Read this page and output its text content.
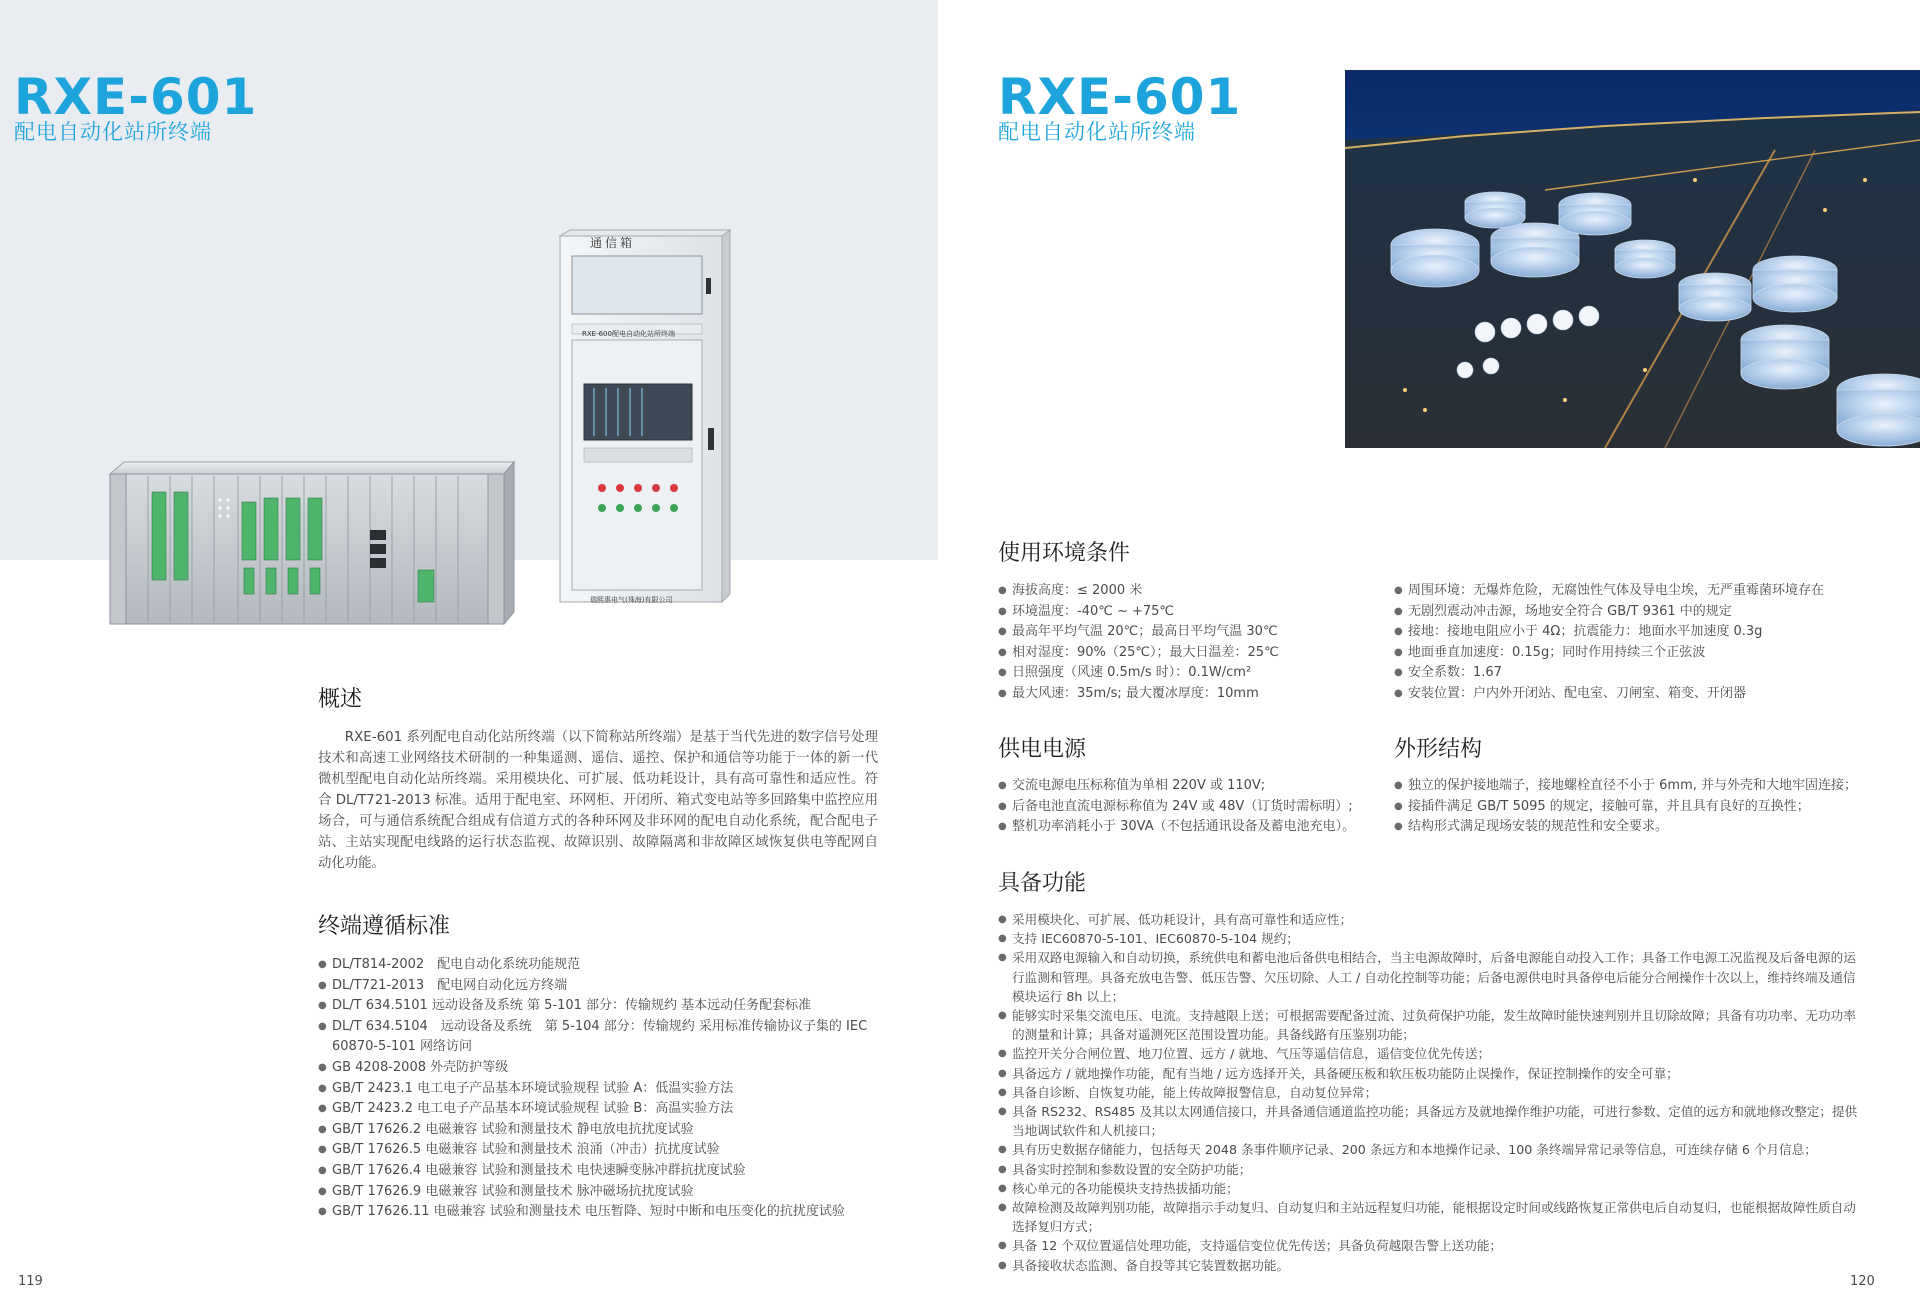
RXE-601
配电自动化站所终端
通信箱
RXE-600配电自动化站所终端
瑞熙惠电气(珠海)有限公司
概述
RXE-601 系列配电自动化站所终端（以下简称站所终端）是基于当代先进的数字信号处理技术和高速工业网络技术研制的一种集遥测、遥信、遥控、保护和通信等功能于一体的新一代微机型配电自动化站所终端。采用模块化、可扩展、低功耗设计，具有高可靠性和适应性。符合 DL/T721-2013 标准。适用于配电室、环网柜、开闭所、箱式变电站等多回路集中监控应用场合，可与通信系统配合组成有信道方式的各种环网及非环网的配电自动化系统，配合配电子站、主站实现配电线路的运行状态监视、故障识别、故障隔离和非故障区域恢复供电等配网自动化功能。
终端遵循标准
● DL/T814-2002　配电自动化系统功能规范
● DL/T721-2013　配电网自动化远方终端
● DL/T 634.5101 远动设备及系统 第 5-101 部分：传输规约 基本远动任务配套标准
● DL/T 634.5104　远动设备及系统　第 5-104 部分：传输规约 采用标准传输协议子集的 IEC 60870-5-101 网络访问
● GB 4208-2008 外壳防护等级
● GB/T 2423.1 电工电子产品基本环境试验规程 试验 A：低温实验方法
● GB/T 2423.2 电工电子产品基本环境试验规程 试验 B：高温实验方法
● GB/T 17626.2 电磁兼容 试验和测量技术 静电放电抗扰度试验
● GB/T 17626.5 电磁兼容 试验和测量技术 浪涌（冲击）抗扰度试验
● GB/T 17626.4 电磁兼容 试验和测量技术 电快速瞬变脉冲群抗扰度试验
● GB/T 17626.9 电磁兼容 试验和测量技术 脉冲磁场抗扰度试验
● GB/T 17626.11 电磁兼容 试验和测量技术 电压暂降、短时中断和电压变化的抗扰度试验
119
RXE-601
配电自动化站所终端
使用环境条件
● 海拔高度：≤ 2000 米
● 环境温度：-40℃ ~ +75℃
● 最高年平均气温 20℃；最高日平均气温 30℃
● 相对湿度：90%（25℃）；最大日温差：25℃
● 日照强度（风速 0.5m/s 时）：0.1W/cm²
● 最大风速：35m/s; 最大覆冰厚度：10mm
● 周围环境：无爆炸危险，无腐蚀性气体及导电尘埃，无严重霉菌环境存在
● 无剧烈震动冲击源，场地安全符合 GB/T 9361 中的规定
● 接地：接地电阻应小于 4Ω；抗震能力：地面水平加速度 0.3g
● 地面垂直加速度：0.15g；同时作用持续三个正弦波
● 安全系数：1.67
● 安装位置：户内外开闭站、配电室、刀闸室、箱变、开闭器
供电电源
● 交流电源电压标称值为单相 220V 或 110V;
● 后备电池直流电源标称值为 24V 或 48V（订货时需标明）;
● 整机功率消耗小于 30VA（不包括通讯设备及蓄电池充电）。
外形结构
● 独立的保护接地端子，接地螺栓直径不小于 6mm, 并与外壳和大地牢固连接；
● 接插件满足 GB/T 5095 的规定，接触可靠，并且具有良好的互换性；
● 结构形式满足现场安装的规范性和安全要求。
具备功能
● 采用模块化、可扩展、低功耗设计，具有高可靠性和适应性；
● 支持 IEC60870-5-101、IEC60870-5-104 规约；
● 采用双路电源输入和自动切换，系统供电和蓄电池后备供电相结合，当主电源故障时，后备电源能自动投入工作；具备工作电源工况监视及后备电源的运行监测和管理。具备充放电告警、低压告警、欠压切除、人工 / 自动化控制等功能；后备电源供电时具备停电后能分合闸操作十次以上，维持终端及通信模块运行 8h 以上；
● 能够实时采集交流电压、电流。支持越限上送；可根据需要配备过流、过负荷保护功能，发生故障时能快速判别并且切除故障；具备有功功率、无功功率的测量和计算；具备对遥测死区范围设置功能。具备线路有压鉴别功能；
● 监控开关分合闸位置、地刀位置、远方 / 就地、气压等遥信信息，遥信变位优先传送；
● 具备远方 / 就地操作功能，配有当地 / 远方选择开关，具备硬压板和软压板功能防止误操作，保证控制操作的安全可靠；
● 具备自诊断、自恢复功能，能上传故障报警信息，自动复位异常；
● 具备 RS232、RS485 及其以太网通信接口，并具备通信通道监控功能；具备远方及就地操作维护功能，可进行参数、定值的远方和就地修改整定；提供当地调试软件和人机接口；
● 具有历史数据存储能力，包括每天 2048 条事件顺序记录、200 条远方和本地操作记录、100 条终端异常记录等信息，可连续存储 6 个月信息；
● 具备实时控制和参数设置的安全防护功能；
● 核心单元的各功能模块支持热拔插功能；
● 故障检测及故障判别功能，故障指示手动复归、自动复归和主站远程复归功能，能根据设定时间或线路恢复正常供电后自动复归，也能根据故障性质自动选择复归方式；
● 具备 12 个双位置遥信处理功能，支持遥信变位优先传送；具备负荷越限告警上送功能；
● 具备接收状态监测、备自投等其它装置数据功能。
120
